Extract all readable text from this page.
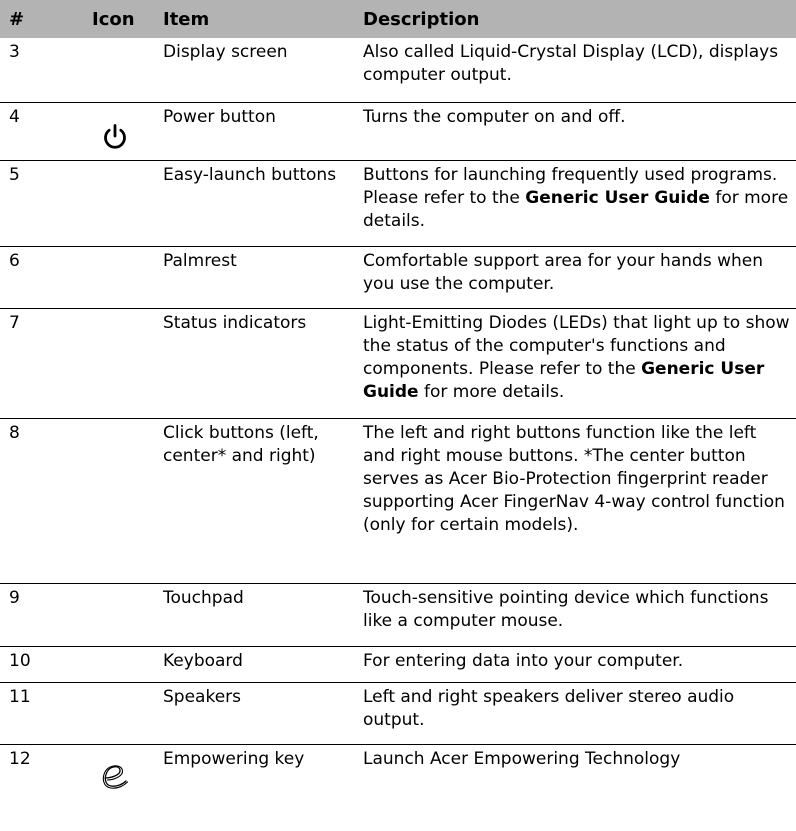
#	Icon	Item	Description
3		Display screen	Also called Liquid-Crystal Display (LCD), displays computer output.
4		Power button	Turns the computer on and off.
5		Easy-launch buttons	Buttons for launching frequently used programs. Please refer to the Generic User Guide for more details.
6		Palmrest	Comfortable support area for your hands when you use the computer.
7		Status indicators	Light-Emitting Diodes (LEDs) that light up to show the status of the computer's functions and components. Please refer to the Generic User Guide for more details.
8		Click buttons (left, center* and right)	The left and right buttons function like the left and right mouse buttons. *The center button serves as Acer Bio-Protection fingerprint reader supporting Acer FingerNav 4-way control function
(only for certain models).
9		Touchpad	Touch-sensitive pointing device which functions like a computer mouse.
10		Keyboard	For entering data into your computer.
11		Speakers	Left and right speakers deliver stereo audio output.
12		Empowering key	Launch Acer Empowering Technology
